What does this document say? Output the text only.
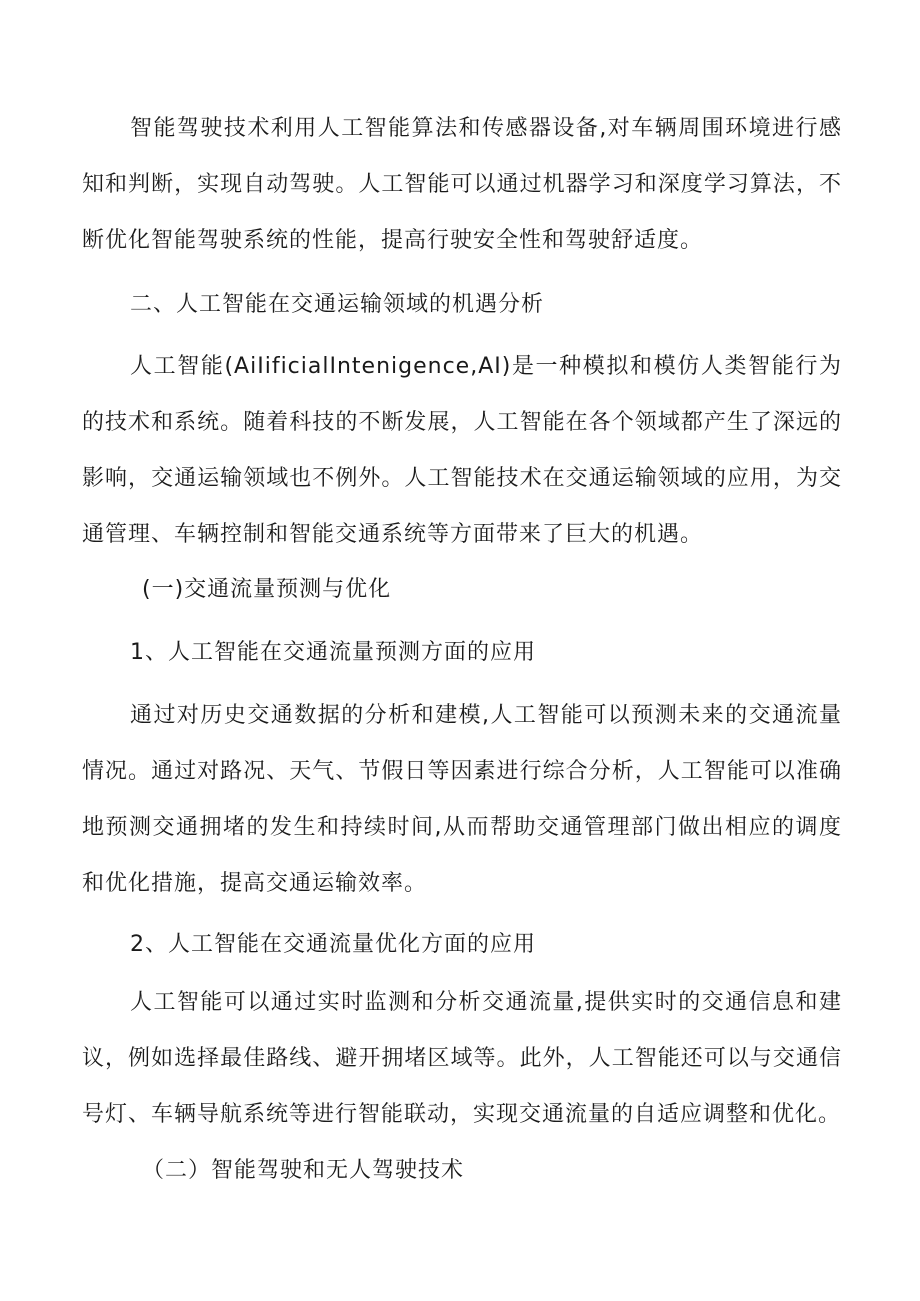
智能驾驶技术利用人工智能算法和传感器设备,对车辆周围环境进行感知和判断，实现自动驾驶。人工智能可以通过机器学习和深度学习算法，不断优化智能驾驶系统的性能，提高行驶安全性和驾驶舒适度。

二、人工智能在交通运输领域的机遇分析

人工智能(AiIificialIntenigence,AI)是一种模拟和模仿人类智能行为的技术和系统。随着科技的不断发展，人工智能在各个领域都产生了深远的影响，交通运输领域也不例外。人工智能技术在交通运输领域的应用，为交通管理、车辆控制和智能交通系统等方面带来了巨大的机遇。

(一)交通流量预测与优化

1、人工智能在交通流量预测方面的应用

通过对历史交通数据的分析和建模,人工智能可以预测未来的交通流量情况。通过对路况、天气、节假日等因素进行综合分析，人工智能可以准确地预测交通拥堵的发生和持续时间,从而帮助交通管理部门做出相应的调度和优化措施，提高交通运输效率。

2、人工智能在交通流量优化方面的应用

人工智能可以通过实时监测和分析交通流量,提供实时的交通信息和建议，例如选择最佳路线、避开拥堵区域等。此外，人工智能还可以与交通信号灯、车辆导航系统等进行智能联动，实现交通流量的自适应调整和优化。

（二）智能驾驶和无人驾驶技术
